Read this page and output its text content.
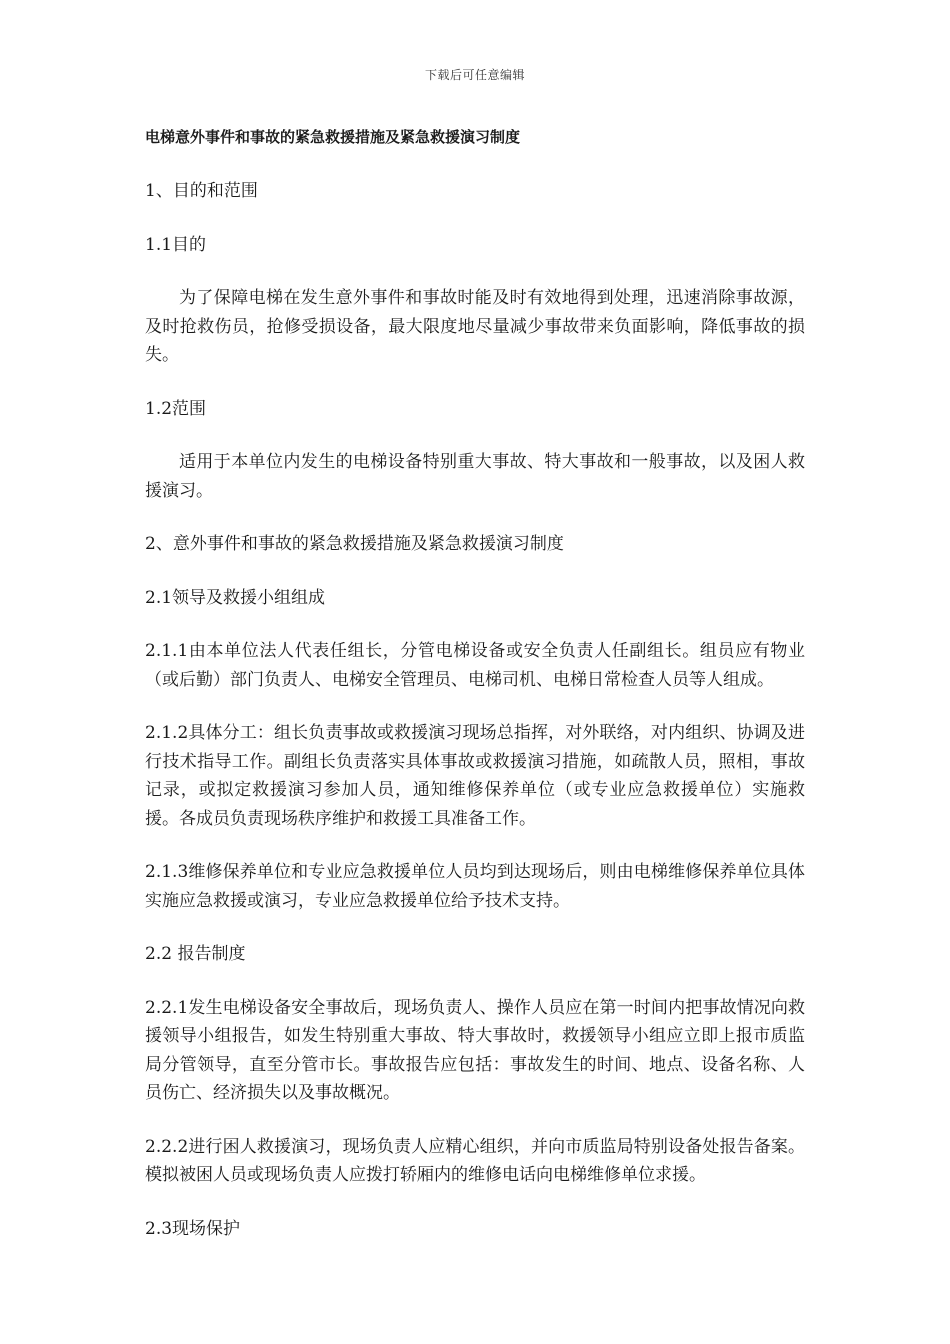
下载后可任意编辑
电梯意外事件和事故的紧急救援措施及紧急救援演习制度

1、目的和范围

1.1目的

为了保障电梯在发生意外事件和事故时能及时有效地得到处理，迅速消除事故源，及时抢救伤员，抢修受损设备，最大限度地尽量减少事故带来负面影响，降低事故的损失。

1.2范围

适用于本单位内发生的电梯设备特别重大事故、特大事故和一般事故，以及困人救援演习。

2、意外事件和事故的紧急救援措施及紧急救援演习制度

2.1领导及救援小组组成

2.1.1由本单位法人代表任组长，分管电梯设备或安全负责人任副组长。组员应有物业（或后勤）部门负责人、电梯安全管理员、电梯司机、电梯日常检查人员等人组成。

2.1.2具体分工：组长负责事故或救援演习现场总指挥，对外联络，对内组织、协调及进行技术指导工作。副组长负责落实具体事故或救援演习措施，如疏散人员，照相，事故记录，或拟定救援演习参加人员，通知维修保养单位（或专业应急救援单位）实施救援。各成员负责现场秩序维护和救援工具准备工作。

2.1.3维修保养单位和专业应急救援单位人员均到达现场后，则由电梯维修保养单位具体实施应急救援或演习，专业应急救援单位给予技术支持。

2.2 报告制度

2.2.1发生电梯设备安全事故后，现场负责人、操作人员应在第一时间内把事故情况向救援领导小组报告，如发生特别重大事故、特大事故时，救援领导小组应立即上报市质监局分管领导，直至分管市长。事故报告应包括：事故发生的时间、地点、设备名称、人员伤亡、经济损失以及事故概况。

2.2.2进行困人救援演习，现场负责人应精心组织，并向市质监局特别设备处报告备案。模拟被困人员或现场负责人应拨打轿厢内的维修电话向电梯维修单位求援。

2.3现场保护
